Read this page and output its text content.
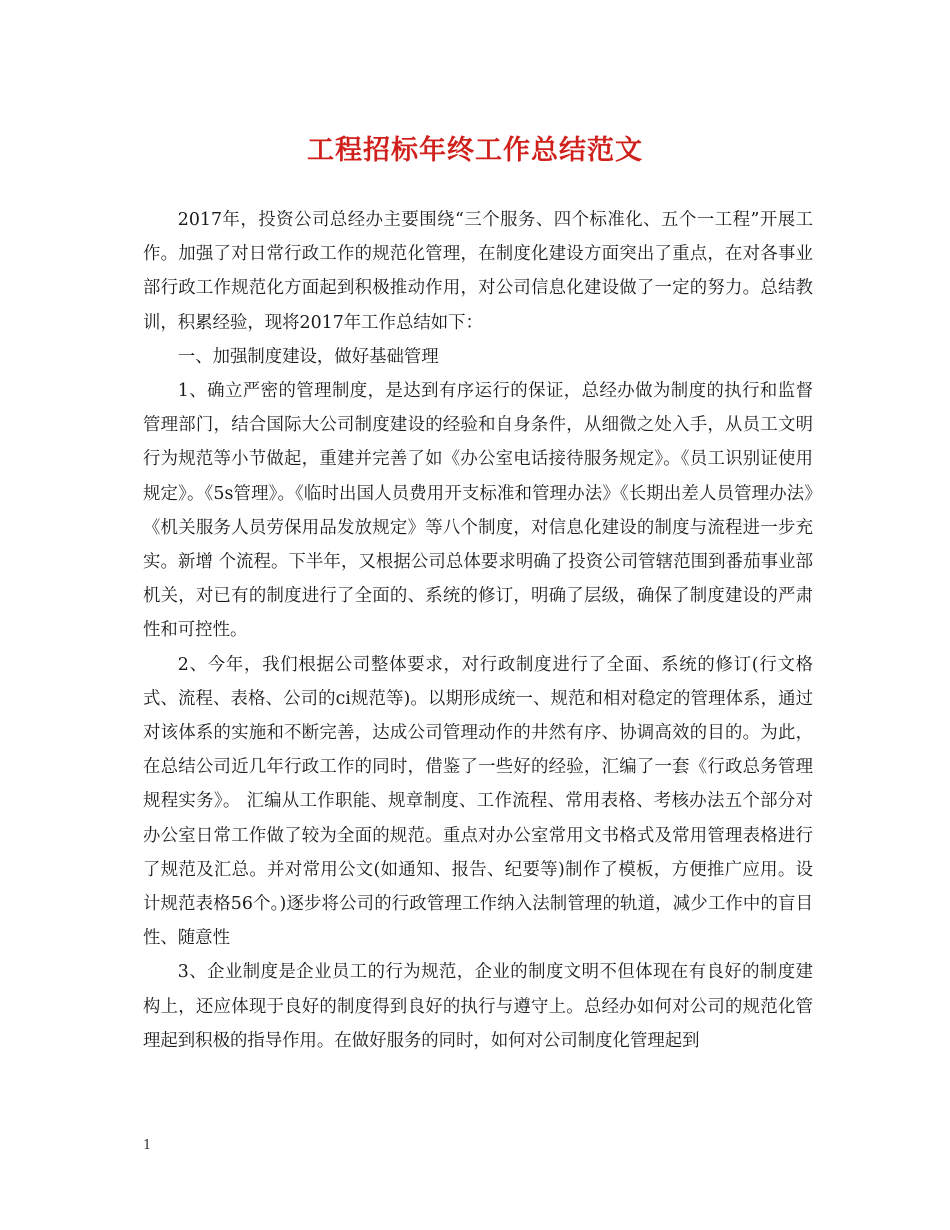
工程招标年终工作总结范文

2017年，投资公司总经办主要围绕“三个服务、四个标准化、五个一工程”开展工作。加强了对日常行政工作的规范化管理，在制度化建设方面突出了重点，在对各事业部行政工作规范化方面起到积极推动作用，对公司信息化建设做了一定的努力。总结教训，积累经验，现将2017年工作总结如下：

一、加强制度建设，做好基础管理

1、确立严密的管理制度，是达到有序运行的保证，总经办做为制度的执行和监督管理部门，结合国际大公司制度建设的经验和自身条件，从细微之处入手，从员工文明行为规范等小节做起，重建并完善了如《办公室电话接待服务规定》。《员工识别证使用规定》。《5s管理》。《临时出国人员费用开支标准和管理办法》《长期出差人员管理办法》《机关服务人员劳保用品发放规定》等八个制度，对信息化建设的制度与流程进一步充实。新增 个流程。下半年，又根据公司总体要求明确了投资公司管辖范围到番茄事业部机关，对已有的制度进行了全面的、系统的修订，明确了层级，确保了制度建设的严肃性和可控性。

2、今年，我们根据公司整体要求，对行政制度进行了全面、系统的修订(行文格式、流程、表格、公司的ci规范等)。以期形成统一、规范和相对稳定的管理体系，通过对该体系的实施和不断完善，达成公司管理动作的井然有序、协调高效的目的。为此，在总结公司近几年行政工作的同时，借鉴了一些好的经验，汇编了一套《行政总务管理规程实务》。 汇编从工作职能、规章制度、工作流程、常用表格、考核办法五个部分对办公室日常工作做了较为全面的规范。重点对办公室常用文书格式及常用管理表格进行了规范及汇总。并对常用公文(如通知、报告、纪要等)制作了模板，方便推广应用。设计规范表格56个。)逐步将公司的行政管理工作纳入法制管理的轨道，减少工作中的盲目性、随意性

3、企业制度是企业员工的行为规范，企业的制度文明不但体现在有良好的制度建构上，还应体现于良好的制度得到良好的执行与遵守上。总经办如何对公司的规范化管理起到积极的指导作用。在做好服务的同时，如何对公司制度化管理起到

1
